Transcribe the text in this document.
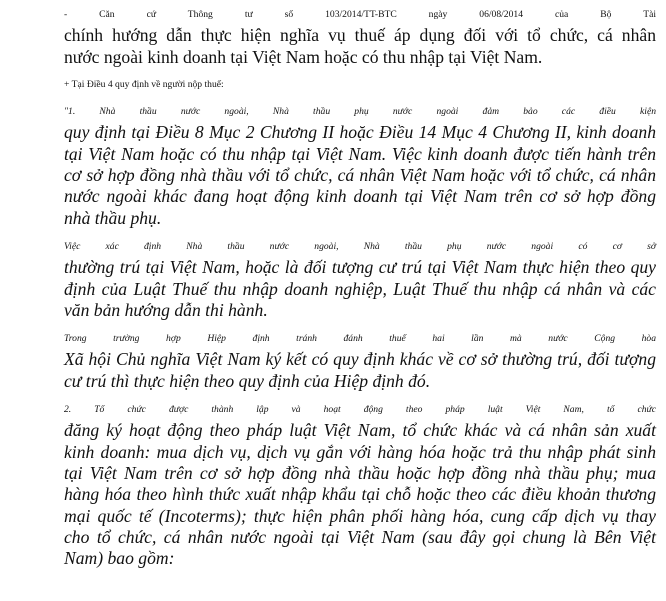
- Căn cứ Thông tư số 103/2014/TT-BTC ngày 06/08/2014 của Bộ Tài
chính hướng dẫn thực hiện nghĩa vụ thuế áp dụng đối với tổ chức, cá nhân
nước ngoài kinh doanh tại Việt Nam hoặc có thu nhập tại Việt Nam.

+ Tại Điều 4 quy định về người nộp thuế:

"1. Nhà thầu nước ngoài, Nhà thầu phụ nước ngoài đảm bảo các điều kiện
quy định tại Điều 8 Mục 2 Chương II hoặc Điều 14 Mục 4 Chương II, kinh doanh
tại Việt Nam hoặc có thu nhập tại Việt Nam. Việc kinh doanh được tiến hành trên
cơ sở hợp đồng nhà thầu với tổ chức, cá nhân Việt Nam hoặc với tổ chức, cá nhân
nước ngoài khác đang hoạt động kinh doanh tại Việt Nam trên cơ sở hợp đồng
nhà thầu phụ.

Việc xác định Nhà thầu nước ngoài, Nhà thầu phụ nước ngoài có cơ sở
thường trú tại Việt Nam, hoặc là đối tượng cư trú tại Việt Nam thực hiện theo quy
định của Luật Thuế thu nhập doanh nghiệp, Luật Thuế thu nhập cá nhân và các
văn bản hướng dẫn thi hành.

Trong trường hợp Hiệp định tránh đánh thuế hai lần mà nước Cộng hòa
Xã hội Chủ nghĩa Việt Nam ký kết có quy định khác về cơ sở thường trú, đối tượng
cư trú thì thực hiện theo quy định của Hiệp định đó.

2. Tổ chức được thành lập và hoạt động theo pháp luật Việt Nam, tổ chức
đăng ký hoạt động theo pháp luật Việt Nam, tổ chức khác và cá nhân sản xuất
kinh doanh: mua dịch vụ, dịch vụ gắn với hàng hóa hoặc trả thu nhập phát sinh
tại Việt Nam trên cơ sở hợp đồng nhà thầu hoặc hợp đồng nhà thầu phụ; mua
hàng hóa theo hình thức xuất nhập khẩu tại chỗ hoặc theo các điều khoản thương
mại quốc tế (Incoterms); thực hiện phân phối hàng hóa, cung cấp dịch vụ thay
cho tổ chức, cá nhân nước ngoài tại Việt Nam (sau đây gọi chung là Bên Việt
Nam) bao gồm:
